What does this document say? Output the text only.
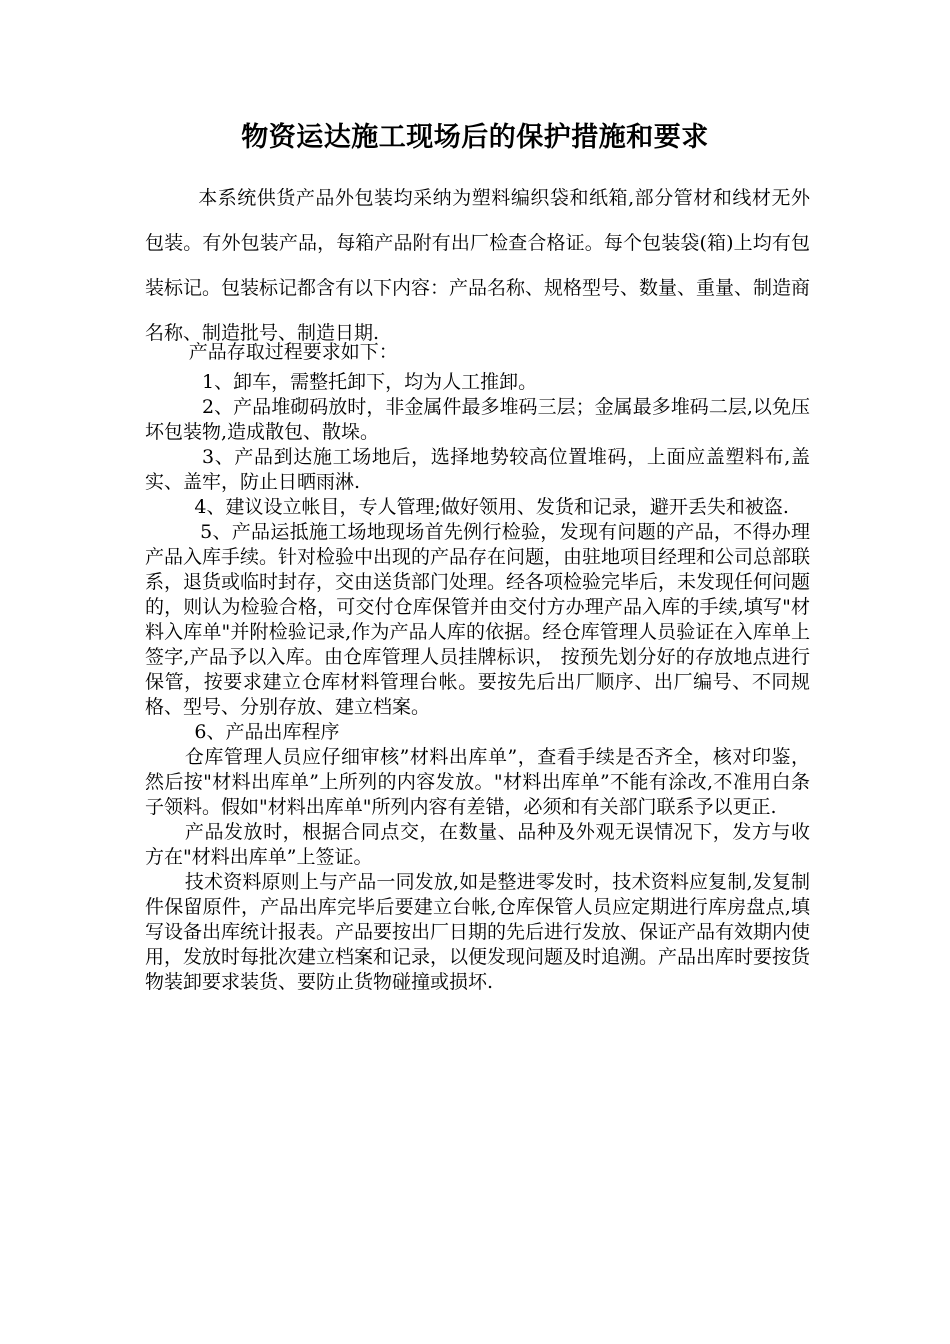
物资运达施工现场后的保护措施和要求

本系统供货产品外包装均采纳为塑料编织袋和纸箱,部分管材和线材无外包装。有外包装产品，每箱产品附有出厂检查合格证。每个包装袋(箱)上均有包装标记。包装标记都含有以下内容：产品名称、规格型号、数量、重量、制造商名称、制造批号、制造日期.

产品存取过程要求如下：

1、卸车，需整托卸下，均为人工推卸。

2、产品堆砌码放时，非金属件最多堆码三层；金属最多堆码二层,以免压坏包装物,造成散包、散垛。

3、产品到达施工场地后，选择地势较高位置堆码，上面应盖塑料布,盖实、盖牢，防止日晒雨淋.

4、建议设立帐目，专人管理;做好领用、发货和记录，避开丢失和被盗.

5、产品运抵施工场地现场首先例行检验，发现有问题的产品，不得办理产品入库手续。针对检验中出现的产品存在问题，由驻地项目经理和公司总部联系，退货或临时封存，交由送货部门处理。经各项检验完毕后，未发现任何问题的，则认为检验合格，可交付仓库保管并由交付方办理产品入库的手续,填写"材料入库单"并附检验记录,作为产品人库的依据。经仓库管理人员验证在入库单上签字,产品予以入库。由仓库管理人员挂牌标识， 按预先划分好的存放地点进行保管，按要求建立仓库材料管理台帐。要按先后出厂顺序、出厂编号、不同规格、型号、分别存放、建立档案。

6、产品出库程序

仓库管理人员应仔细审核”材料出库单”，查看手续是否齐全，核对印鉴，然后按"材料出库单”上所列的内容发放。"材料出库单”不能有涂改,不准用白条子领料。假如"材料出库单"所列内容有差错，必须和有关部门联系予以更正.

产品发放时，根据合同点交，在数量、品种及外观无误情况下，发方与收方在"材料出库单”上签证。

技术资料原则上与产品一同发放,如是整进零发时，技术资料应复制,发复制件保留原件，产品出库完毕后要建立台帐,仓库保管人员应定期进行库房盘点,填写设备出库统计报表。产品要按出厂日期的先后进行发放、保证产品有效期内使用，发放时每批次建立档案和记录，以便发现问题及时追溯。产品出库时要按货物装卸要求装货、要防止货物碰撞或损坏.
